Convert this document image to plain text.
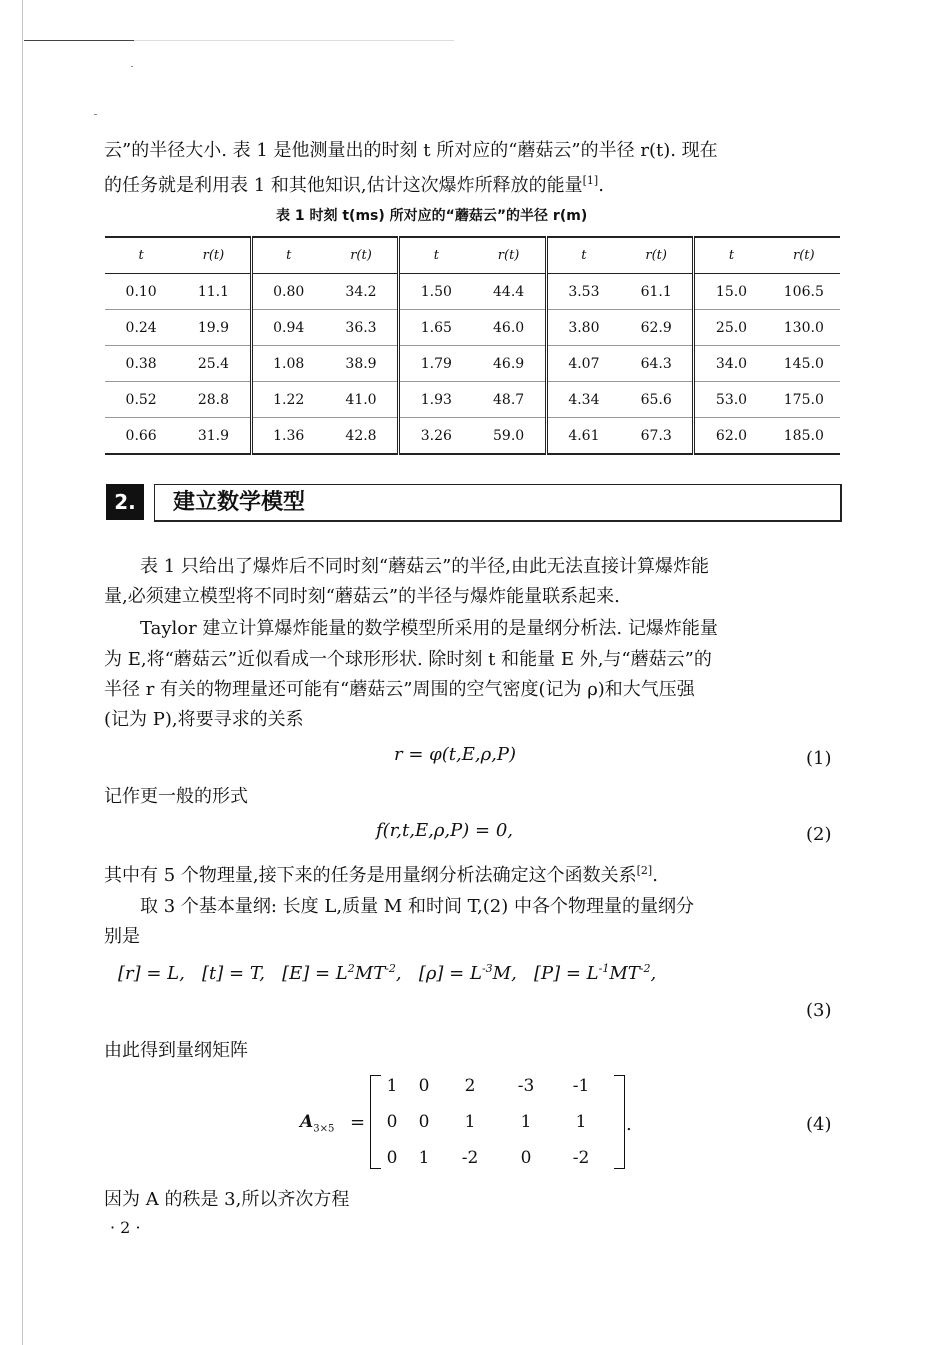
云”的半径大小. 表 1 是他测量出的时刻 t 所对应的“蘑菇云”的半径 r(t). 现在
的任务就是利用表 1 和其他知识,估计这次爆炸所释放的能量[1].
表 1 时刻 t(ms) 所对应的“蘑菇云”的半径 r(m)
t	r(t)	t	r(t)	t	r(t)	t	r(t)	t	r(t)
0.10	11.1	0.80	34.2	1.50	44.4	3.53	61.1	15.0	106.5
0.24	19.9	0.94	36.3	1.65	46.0	3.80	62.9	25.0	130.0
0.38	25.4	1.08	38.9	1.79	46.9	4.07	64.3	34.0	145.0
0.52	28.8	1.22	41.0	1.93	48.7	4.34	65.6	53.0	175.0
0.66	31.9	1.36	42.8	3.26	59.0	4.61	67.3	62.0	185.0
2.	建立数学模型
表 1 只给出了爆炸后不同时刻“蘑菇云”的半径,由此无法直接计算爆炸能
量,必须建立模型将不同时刻“蘑菇云”的半径与爆炸能量联系起来.
Taylor 建立计算爆炸能量的数学模型所采用的是量纲分析法. 记爆炸能量
为 E,将“蘑菇云”近似看成一个球形形状. 除时刻 t 和能量 E 外,与“蘑菇云”的
半径 r 有关的物理量还可能有“蘑菇云”周围的空气密度(记为 ρ)和大气压强
(记为 P),将要寻求的关系
r = φ(t,E,ρ,P)	(1)
记作更一般的形式
f(r,t,E,ρ,P) = 0,	(2)
其中有 5 个物理量,接下来的任务是用量纲分析法确定这个函数关系[2].
取 3 个基本量纲: 长度 L,质量 M 和时间 T,(2) 中各个物理量的量纲分
别是
[r] = L, [t] = T, $[E] = L^2MT^{-2}$, $[\rho] = L^{-3}M$, $[P] = L^{-1}MT^{-2}$,
(3)
由此得到量纲矩阵
$A_{3\times 5}$ =
1	0	2	-3	-1
0	0	1	1	1
0	1	-2	0	-2
.	(4)
因为 A 的秩是 3,所以齐次方程
· 2 ·
